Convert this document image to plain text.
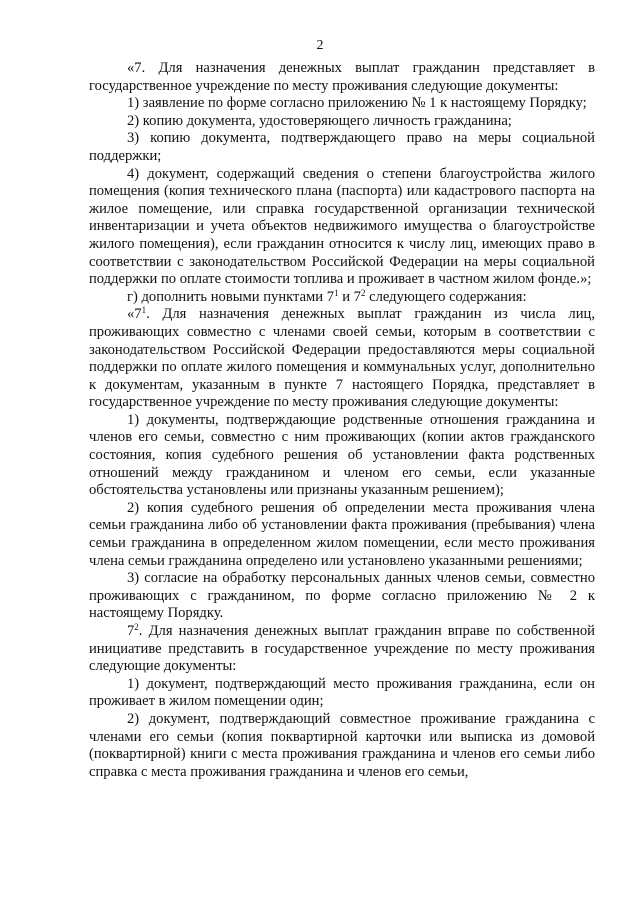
2

«7. Для назначения денежных выплат гражданин представляет в государственное учреждение по месту проживания следующие документы:

1) заявление по форме согласно приложению № 1 к настоящему Порядку;

2) копию документа, удостоверяющего личность гражданина;

3) копию документа, подтверждающего право на меры социальной поддержки;

4) документ, содержащий сведения о степени благоустройства жилого помещения (копия технического плана (паспорта) или кадастрового паспорта на жилое помещение, или справка государственной организации технической инвентаризации и учета объектов недвижимого имущества о благоустройстве жилого помещения), если гражданин относится к числу лиц, имеющих право в соответствии с законодательством Российской Федерации на меры социальной поддержки по оплате стоимости топлива и проживает в частном жилом фонде.»;

г) дополнить новыми пунктами $7^1$ и $7^2$ следующего содержания:

«$7^1$. Для назначения денежных выплат гражданин из числа лиц, проживающих совместно с членами своей семьи, которым в соответствии с законодательством Российской Федерации предоставляются меры социальной поддержки по оплате жилого помещения и коммунальных услуг, дополнительно к документам, указанным в пункте 7 настоящего Порядка, представляет в государственное учреждение по месту проживания следующие документы:

1) документы, подтверждающие родственные отношения гражданина и членов его семьи, совместно с ним проживающих (копии актов гражданского состояния, копия судебного решения об установлении факта родственных отношений между гражданином и членом его семьи, если указанные обстоятельства установлены или признаны указанным решением);

2) копия судебного решения об определении места проживания члена семьи гражданина либо об установлении факта проживания (пребывания) члена семьи гражданина в определенном жилом помещении, если место проживания члена семьи гражданина определено или установлено указанными решениями;

3) согласие на обработку персональных данных членов семьи, совместно проживающих с гражданином, по форме согласно приложению № 2 к настоящему Порядку.

$7^2$. Для назначения денежных выплат гражданин вправе по собственной инициативе представить в государственное учреждение по месту проживания следующие документы:

1) документ, подтверждающий место проживания гражданина, если он проживает в жилом помещении один;

2) документ, подтверждающий совместное проживание гражданина с членами его семьи (копия поквартирной карточки или выписка из домовой (поквартирной) книги с места проживания гражданина и членов его семьи либо справка с места проживания гражданина и членов его семьи,
